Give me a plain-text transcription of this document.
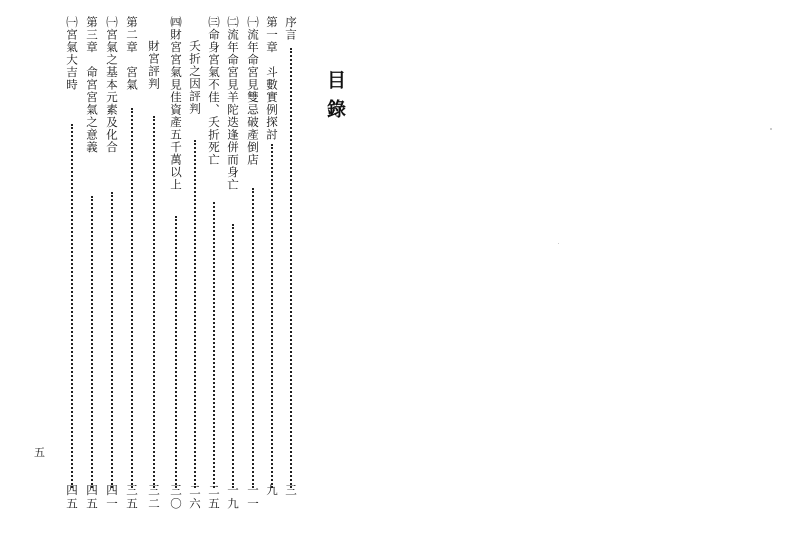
目錄
序言
第一章　斗數實例探討
㈠流年命宮見雙忌破產倒店
㈡流年命宮見羊陀迭逢併而身亡
㈢命身宮氣不佳、夭折死亡
夭折之因評判
㈣財宮宮氣見佳資產五千萬以上
財宮評判
第二章　宮氣
㈠宮氣之基本元素及化合
第三章　命宮宮氣之意義
㈠宮氣大吉時
三
九
一一
一九
二五
二六
三〇
三二
三五
四一
四五
四五
五
